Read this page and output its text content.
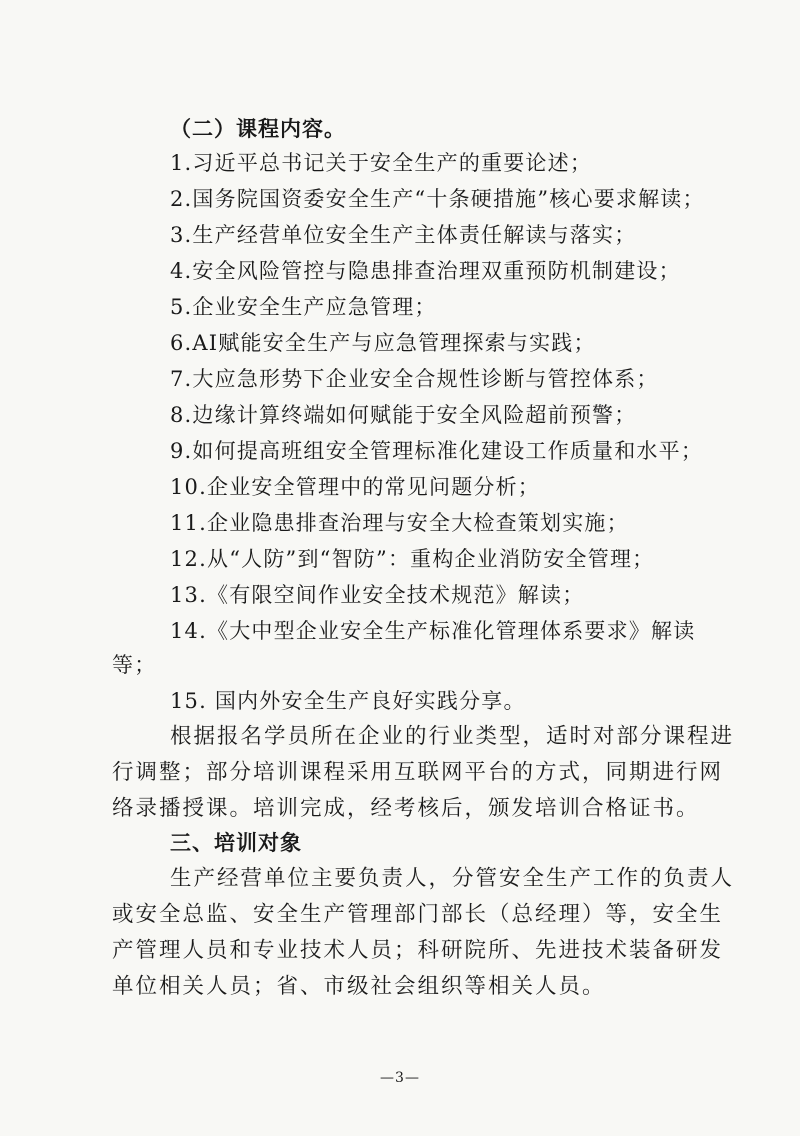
（二）课程内容。
1.习近平总书记关于安全生产的重要论述；
2.国务院国资委安全生产“十条硬措施”核心要求解读；
3.生产经营单位安全生产主体责任解读与落实；
4.安全风险管控与隐患排查治理双重预防机制建设；
5.企业安全生产应急管理；
6.AI赋能安全生产与应急管理探索与实践；
7.大应急形势下企业安全合规性诊断与管控体系；
8.边缘计算终端如何赋能于安全风险超前预警；
9.如何提高班组安全管理标准化建设工作质量和水平；
10.企业安全管理中的常见问题分析；
11.企业隐患排查治理与安全大检查策划实施；
12.从“人防”到“智防”：重构企业消防安全管理；
13.《有限空间作业安全技术规范》解读；
14.《大中型企业安全生产标准化管理体系要求》解读
等；
15. 国内外安全生产良好实践分享。
根据报名学员所在企业的行业类型，适时对部分课程进
行调整；部分培训课程采用互联网平台的方式，同期进行网
络录播授课。培训完成，经考核后，颁发培训合格证书。
三、培训对象
生产经营单位主要负责人，分管安全生产工作的负责人
或安全总监、安全生产管理部门部长（总经理）等，安全生
产管理人员和专业技术人员；科研院所、先进技术装备研发
单位相关人员；省、市级社会组织等相关人员。
—3—
